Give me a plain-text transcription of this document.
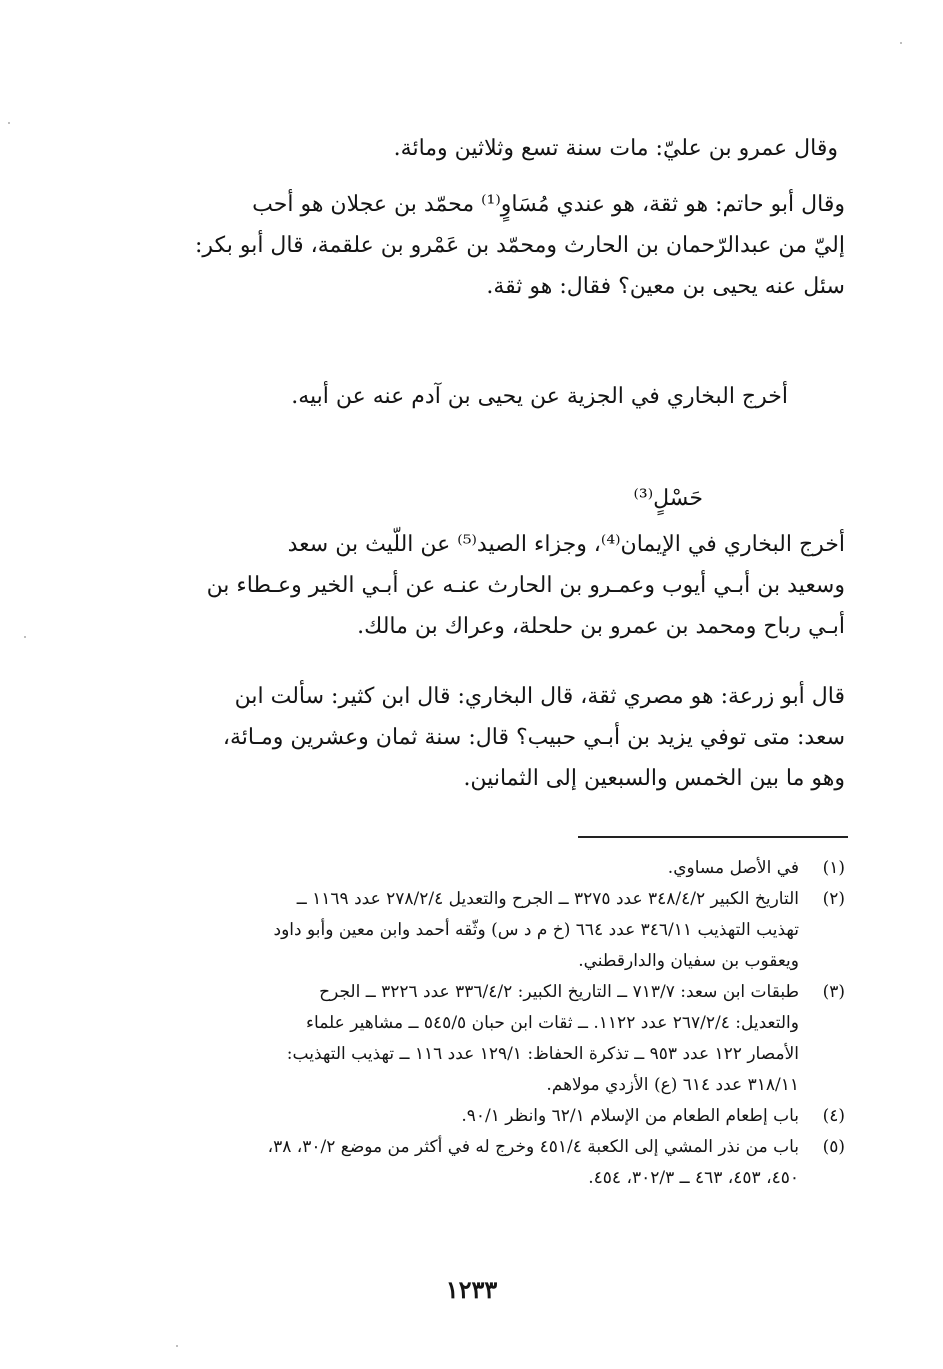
وقال عمرو بن عليّ: مات سنة تسع وثلاثين ومائة.
وقال أبو حاتم: هو ثقة، هو عندي مُسَاوٍ⁽¹⁾ محمّد بن عجلان هو أحب
إليّ من عبدالرّحمان بن الحارث ومحمّد بن عَمْرو بن علقمة، قال أبو بكر:
سئل عنه يحيى بن معين؟ فقال: هو ثقة.
أخرج البخاري في الجزية عن يحيى بن آدم عنه عن أبيه.
حَسْلٍ⁽³⁾
أخرج البخاري في الإيمان⁽⁴⁾، وجزاء الصيد⁽⁵⁾ عن اللّيث بن سعد
وسعيد بن أبـي أيوب وعمـرو بن الحارث عنـه عن أبـي الخير وعـطاء بن
أبـي رباح ومحمد بن عمرو بن حلحلة، وعراك بن مالك.
قال أبو زرعة: هو مصري ثقة، قال البخاري: قال ابن كثير: سألت ابن
سعد: متى توفي يزيد بن أبـي حبيب؟ قال: سنة ثمان وعشرين ومـائة،
وهو ما بين الخمس والسبعين إلى الثمانين.
(١)
في الأصل مساوي.
(٢)
التاريخ الكبير ٣٤٨/٤/٢ عدد ٣٢٧٥ ــ الجرح والتعديل ٢٧٨/٢/٤ عدد ١١٦٩ ــ
تهذيب التهذيب ٣٤٦/١١ عدد ٦٦٤ (خ م د س) وثّقه أحمد وابن معين وأبو داود
ويعقوب بن سفيان والدارقطني.
(٣)
طبقات ابن سعد: ٧١٣/٧ ــ التاريخ الكبير: ٣٣٦/٤/٢ عدد ٣٢٢٦ ــ الجرح
والتعديل: ٢٦٧/٢/٤ عدد ١١٢٢. ــ ثقات ابن حبان ٥٤٥/٥ ــ مشاهير علماء
الأمصار ١٢٢ عدد ٩٥٣ ــ تذكرة الحفاظ: ١٢٩/١ عدد ١١٦ ــ تهذيب التهذيب:
٣١٨/١١ عدد ٦١٤ (ع) الأزدي مولاهم.
(٤)
باب إطعام الطعام من الإسلام ٦٢/١ وانظر ٩٠/١.
(٥)
باب من نذر المشي إلى الكعبة ٤٥١/٤ وخرج له في أكثر من موضع ٣٠/٢، ٣٨،
٤٥٠، ٤٥٣، ٤٦٣ ــ ٣٠٢/٣، ٤٥٤.
١٢٣٣
